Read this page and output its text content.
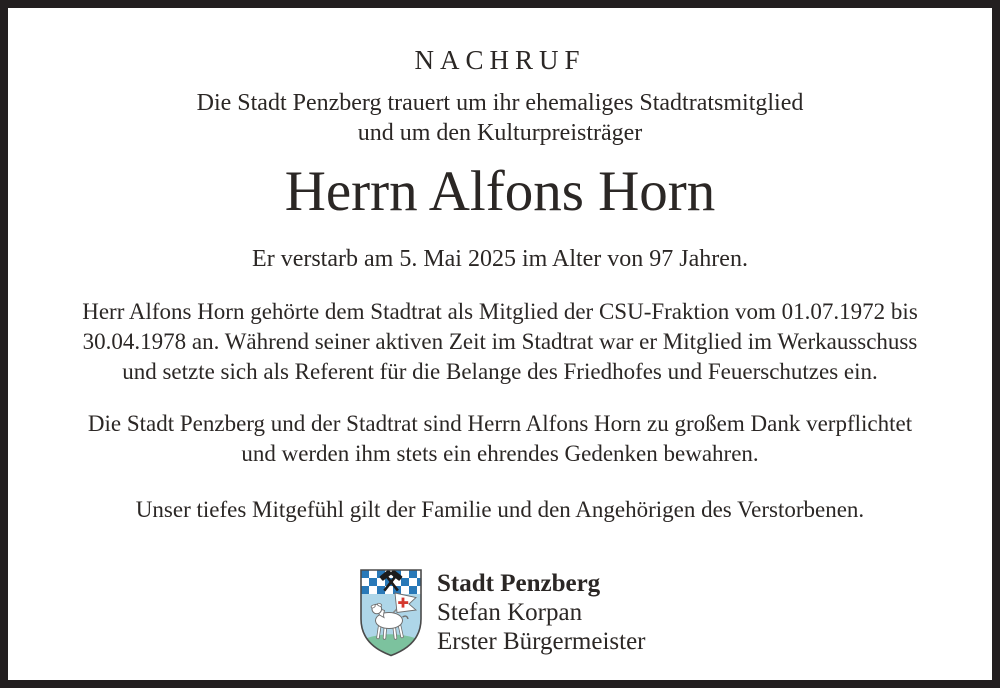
NACHRUF
Die Stadt Penzberg trauert um ihr ehemaliges Stadtratsmitglied
und um den Kulturpreisträger
Herrn Alfons Horn
Er verstarb am 5. Mai 2025 im Alter von 97 Jahren.
Herr Alfons Horn gehörte dem Stadtrat als Mitglied der CSU-Fraktion vom 01.07.1972 bis
30.04.1978 an. Während seiner aktiven Zeit im Stadtrat war er Mitglied im Werkausschuss
und setzte sich als Referent für die Belange des Friedhofes und Feuerschutzes ein.
Die Stadt Penzberg und der Stadtrat sind Herrn Alfons Horn zu großem Dank verpflichtet
und werden ihm stets ein ehrendes Gedenken bewahren.
Unser tiefes Mitgefühl gilt der Familie und den Angehörigen des Verstorbenen.
Stadt Penzberg
Stefan Korpan
Erster Bürgermeister
